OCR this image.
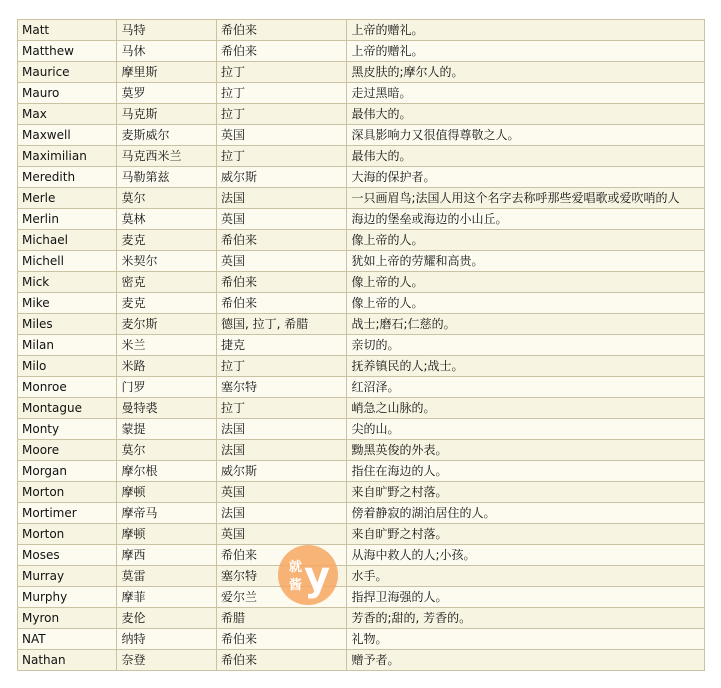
Matt	马特	希伯来	上帝的赠礼。
Matthew	马休	希伯来	上帝的赠礼。
Maurice	摩里斯	拉丁	黑皮肤的;摩尔人的。
Mauro	莫罗	拉丁	走过黑暗。
Max	马克斯	拉丁	最伟大的。
Maxwell	麦斯威尔	英国	深具影响力又很值得尊敬之人。
Maximilian	马克西米兰	拉丁	最伟大的。
Meredith	马勒第兹	威尔斯	大海的保护者。
Merle	莫尔	法国	一只画眉鸟;法国人用这个名字去称呼那些爱唱歌或爱吹哨的人
Merlin	莫林	英国	海边的堡垒或海边的小山丘。
Michael	麦克	希伯来	像上帝的人。
Michell	米契尔	英国	犹如上帝的劳耀和高贵。
Mick	密克	希伯来	像上帝的人。
Mike	麦克	希伯来	像上帝的人。
Miles	麦尔斯	德国, 拉丁, 希腊	战士;磨石;仁慈的。
Milan	米兰	捷克	亲切的。
Milo	米路	拉丁	抚养镇民的人;战士。
Monroe	门罗	塞尔特	红沼泽。
Montague	曼特裘	拉丁	峭急之山脉的。
Monty	蒙提	法国	尖的山。
Moore	莫尔	法国	黝黑英俊的外表。
Morgan	摩尔根	威尔斯	指住在海边的人。
Morton	摩顿	英国	来自旷野之村落。
Mortimer	摩帝马	法国	傍着静寂的湖泊居住的人。
Morton	摩顿	英国	来自旷野之村落。
Moses	摩西	希伯来	从海中救人的人;小孩。
Murray	莫雷	塞尔特	水手。
Murphy	摩菲	爱尔兰	指捍卫海强的人。
Myron	麦伦	希腊	芳香的;甜的, 芳香的。
NAT	纳特	希伯来	礼物。
Nathan	奈登	希伯来	赠予者。
就
酱 y
